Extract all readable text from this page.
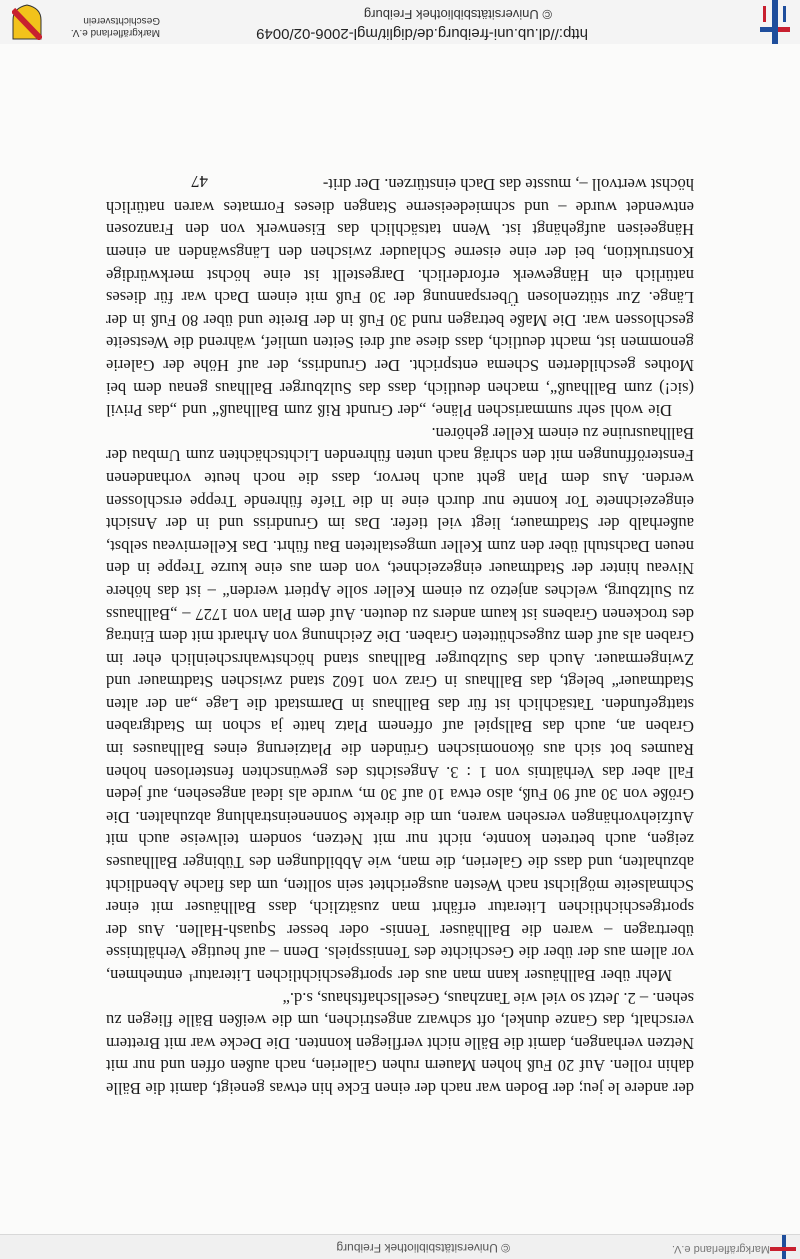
Markgräflerland e.V.
© Universitätsbibliothek Freiburg

der andere le jeu; der Boden war nach der einen Ecke hin etwas geneigt, damit die Bälle dahin rollen. Auf 20 Fuß hohen Mauern ruhen Gallerien, nach außen offen und nur mit Netzen verhangen, damit die Bälle nicht verfliegen konnten. Die Decke war mit Brettern verschalt, das Ganze dunkel, oft schwarz angestrichen, um die weißen Bälle fliegen zu sehen. – 2. Jetzt so viel wie Tanzhaus, Gesellschaftshaus, s.d.“

Mehr über Ballhäuser kann man aus der sportgeschichtlichen Literatur¹ entnehmen, vor allem aus der über die Geschichte des Tennisspiels. Denn – auf heutige Verhältnisse übertragen – waren die Ballhäuser Tennis- oder besser Squash-Hallen. Aus der sportgeschichtlichen Literatur erfährt man zusätzlich, dass Ballhäuser mit einer Schmalseite möglichst nach Westen ausgerichtet sein sollten, um das flache Abendlicht abzuhalten, und dass die Galerien, die man, wie Abbildungen des Tübinger Ballhauses zeigen, auch betreten konnte, nicht nur mit Netzen, sondern teilweise auch mit Aufziehvorhängen versehen waren, um die direkte Sonneneinstrahlung abzuhalten. Die Größe von 30 auf 90 Fuß, also etwa 10 auf 30 m, wurde als ideal angesehen, auf jeden Fall aber das Verhältnis von 1 : 3. Angesichts des gewünschten fensterlosen hohen Raumes bot sich aus ökonomischen Gründen die Platzierung eines Ballhauses im Graben an, auch das Ballspiel auf offenem Platz hatte ja schon im Stadtgraben stattgefunden. Tatsächlich ist für das Ballhaus in Darmstadt die Lage „an der alten Stadtmauer“ belegt, das Ballhaus in Graz von 1602 stand zwischen Stadtmauer und Zwingermauer. Auch das Sulzburger Ballhaus stand höchstwahrscheinlich eher im Graben als auf dem zugeschütteten Graben. Die Zeichnung von Arhardt mit dem Eintrag des trockenen Grabens ist kaum anders zu deuten. Auf dem Plan von 1727 – „Ballhauss zu Sultzburg, welches anjetzo zu einem Keller solle Aptiert werden“ – ist das höhere Niveau hinter der Stadtmauer eingezeichnet, von dem aus eine kurze Treppe in den neuen Dachstuhl über den zum Keller umgestalteten Bau führt. Das Kellerniveau selbst, außerhalb der Stadtmauer, liegt viel tiefer. Das im Grundriss und in der Ansicht eingezeichnete Tor konnte nur durch eine in die Tiefe führende Treppe erschlossen werden. Aus dem Plan geht auch hervor, dass die noch heute vorhandenen Fensteröffnungen mit den schräg nach unten führenden Lichtschächten zum Umbau der Ballhausruine zu einem Keller gehören.

Die wohl sehr summarischen Pläne, „der Grundt Riß zum Ballhauß“ und „das Privil (sic!) zum Ballhauß“, machen deutlich, dass das Sulzburger Ballhaus genau dem bei Mothes geschilderten Schema entspricht. Der Grundriss, der auf Höhe der Galerie genommen ist, macht deutlich, dass diese auf drei Seiten umlief, während die Westseite geschlossen war. Die Maße betragen rund 30 Fuß in der Breite und über 80 Fuß in der Länge. Zur stützenlosen Überspannung der 30 Fuß mit einem Dach war für dieses natürlich ein Hängewerk erforderlich. Dargestellt ist eine höchst merkwürdige Konstruktion, bei der eine eiserne Schlauder zwischen den Längswänden an einem Hängeeisen aufgehängt ist. Wenn tatsächlich das Eisenwerk von den Franzosen entwendet wurde – und schmiedeeiserne Stangen dieses Formates waren natürlich höchst wertvoll –, musste das Dach einstürzen. Der drit-

47
http://dl.ub.uni-freiburg.de/diglit/mgl-2006-02/0049
© Universitätsbibliothek Freiburg
Markgräflerland e.V.
Geschichtsverein
